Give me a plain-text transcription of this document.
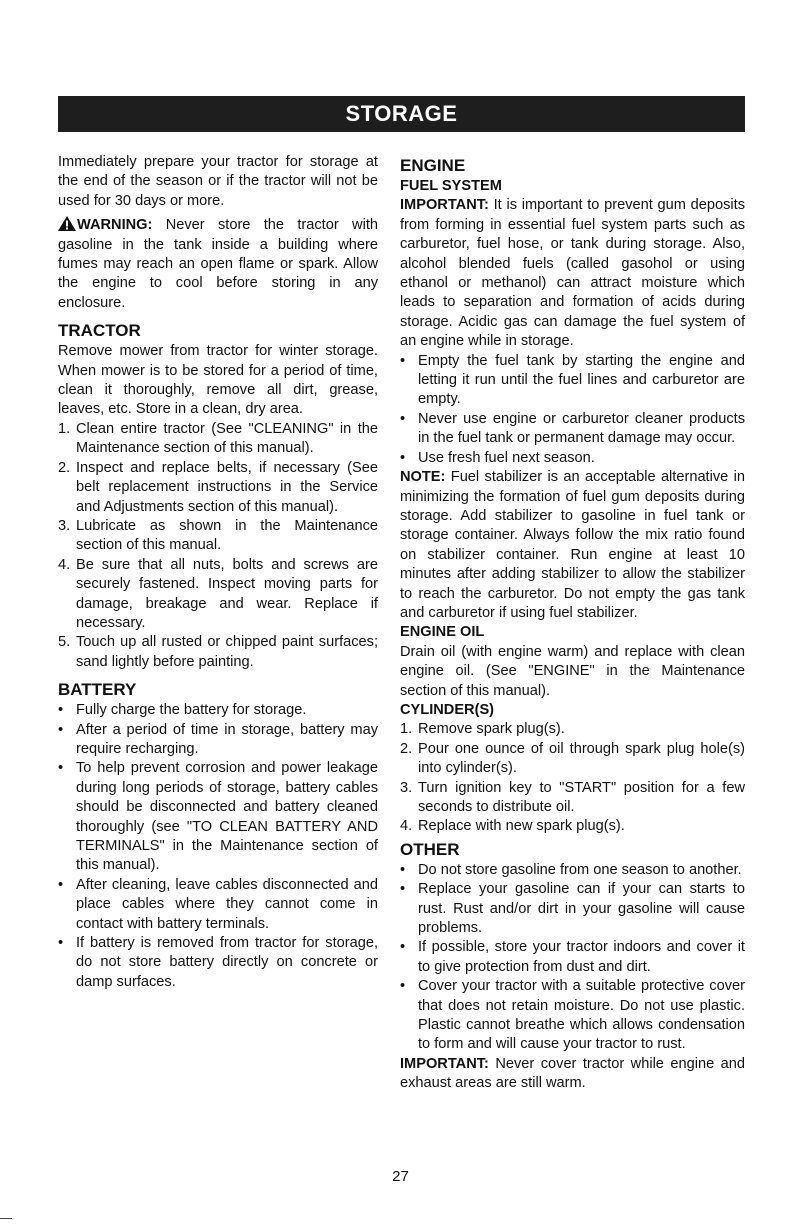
STORAGE

Immediately prepare your tractor for storage at the end of the season or if the tractor will not be used for 30 days or more.

WARNING: Never store the tractor with gasoline in the tank inside a building where fumes may reach an open flame or spark. Allow the engine to cool before storing in any enclosure.

TRACTOR

Remove mower from tractor for winter storage. When mower is to be stored for a period of time, clean it thoroughly, remove all dirt, grease, leaves, etc. Store in a clean, dry area.

1. Clean entire tractor (See "CLEANING" in the Maintenance section of this manual).
2. Inspect and replace belts, if necessary (See belt replacement instructions in the Service and Adjustments section of this manual).
3. Lubricate as shown in the Maintenance section of this manual.
4. Be sure that all nuts, bolts and screws are securely fastened. Inspect moving parts for damage, breakage and wear. Replace if necessary.
5. Touch up all rusted or chipped paint surfaces; sand lightly before painting.
BATTERY
• Fully charge the battery for storage.
• After a period of time in storage, battery may require recharging.
• To help prevent corrosion and power leakage during long periods of storage, battery cables should be disconnected and battery cleaned thoroughly (see "TO CLEAN BATTERY AND TERMINALS" in the Maintenance section of this manual).
• After cleaning, leave cables disconnected and place cables where they cannot come in contact with battery terminals.
• If battery is removed from tractor for storage, do not store battery directly on concrete or damp surfaces.
ENGINE
FUEL SYSTEM

IMPORTANT: It is important to prevent gum deposits from forming in essential fuel system parts such as carburetor, fuel hose, or tank during storage. Also, alcohol blended fuels (called gasohol or using ethanol or methanol) can attract moisture which leads to separation and formation of acids during storage. Acidic gas can damage the fuel system of an engine while in storage.

• Empty the fuel tank by starting the engine and letting it run until the fuel lines and carburetor are empty.
• Never use engine or carburetor cleaner products in the fuel tank or permanent damage may occur.
• Use fresh fuel next season.

NOTE: Fuel stabilizer is an acceptable alternative in minimizing the formation of fuel gum deposits during storage. Add stabilizer to gasoline in fuel tank or storage container. Always follow the mix ratio found on stabilizer container. Run engine at least 10 minutes after adding stabilizer to allow the stabilizer to reach the carburetor. Do not empty the gas tank and carburetor if using fuel stabilizer.

ENGINE OIL

Drain oil (with engine warm) and replace with clean engine oil. (See "ENGINE" in the Maintenance section of this manual).

CYLINDER(S)
1. Remove spark plug(s).
2. Pour one ounce of oil through spark plug hole(s) into cylinder(s).
3. Turn ignition key to "START" position for a few seconds to distribute oil.
4. Replace with new spark plug(s).
OTHER
• Do not store gasoline from one season to another.
• Replace your gasoline can if your can starts to rust. Rust and/or dirt in your gasoline will cause problems.
• If possible, store your tractor indoors and cover it to give protection from dust and dirt.
• Cover your tractor with a suitable protective cover that does not retain moisture. Do not use plastic. Plastic cannot breathe which allows condensation to form and will cause your tractor to rust.

IMPORTANT: Never cover tractor while engine and exhaust areas are still warm.

27
